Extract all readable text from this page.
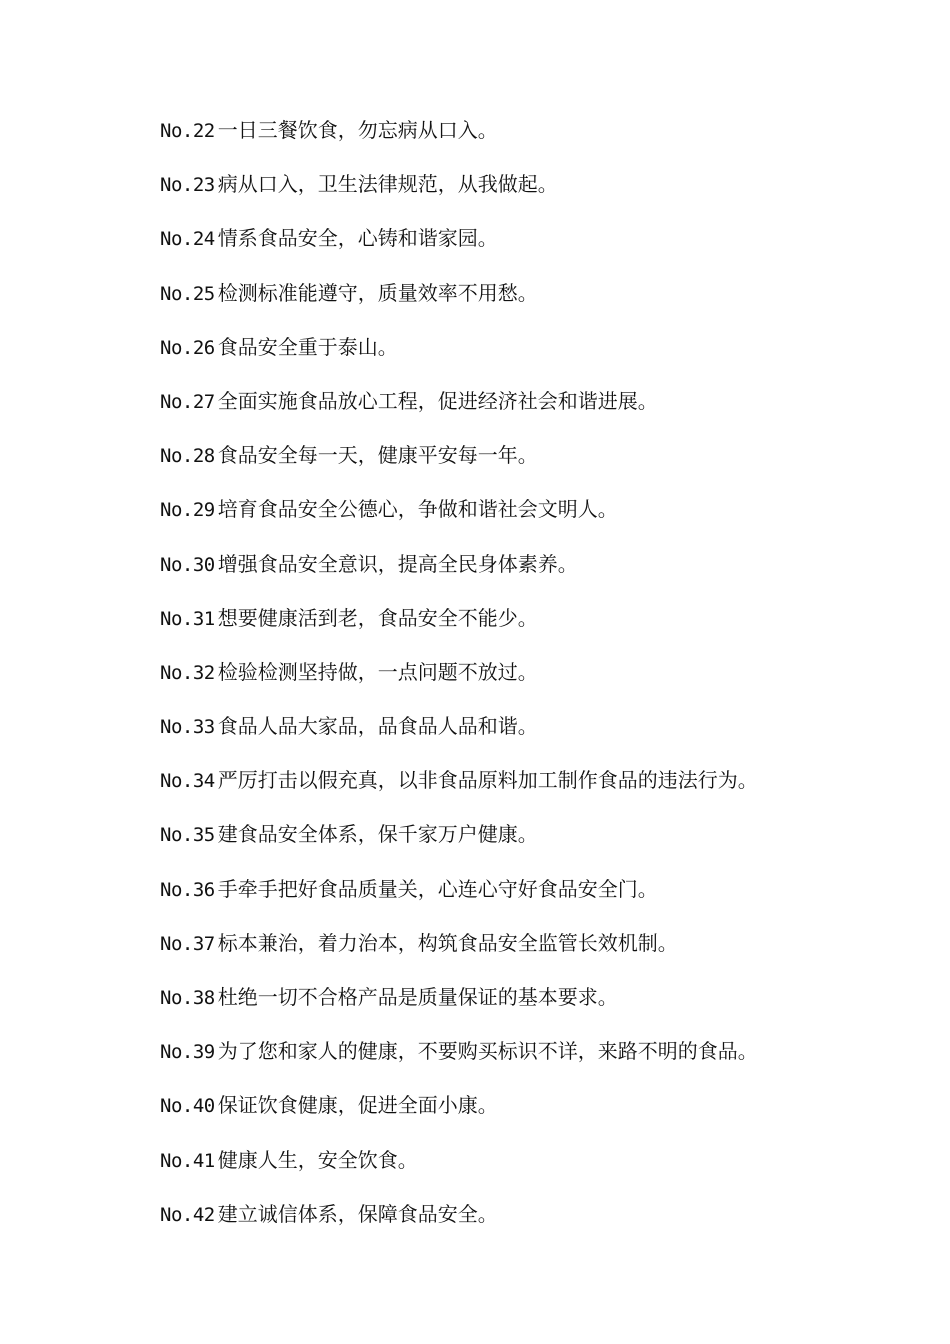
No.22 一日三餐饮食，勿忘病从口入。
No.23 病从口入，卫生法律规范，从我做起。
No.24 情系食品安全，心铸和谐家园。
No.25 检测标准能遵守，质量效率不用愁。
No.26 食品安全重于泰山。
No.27 全面实施食品放心工程，促进经济社会和谐进展。
No.28 食品安全每一天，健康平安每一年。
No.29 培育食品安全公德心，争做和谐社会文明人。
No.30 增强食品安全意识，提高全民身体素养。
No.31 想要健康活到老，食品安全不能少。
No.32 检验检测坚持做，一点问题不放过。
No.33 食品人品大家品，品食品人品和谐。
No.34 严厉打击以假充真，以非食品原料加工制作食品的违法行为。
No.35 建食品安全体系，保千家万户健康。
No.36 手牵手把好食品质量关，心连心守好食品安全门。
No.37 标本兼治，着力治本，构筑食品安全监管长效机制。
No.38 杜绝一切不合格产品是质量保证的基本要求。
No.39 为了您和家人的健康，不要购买标识不详，来路不明的食品。
No.40 保证饮食健康，促进全面小康。
No.41 健康人生，安全饮食。
No.42 建立诚信体系，保障食品安全。
